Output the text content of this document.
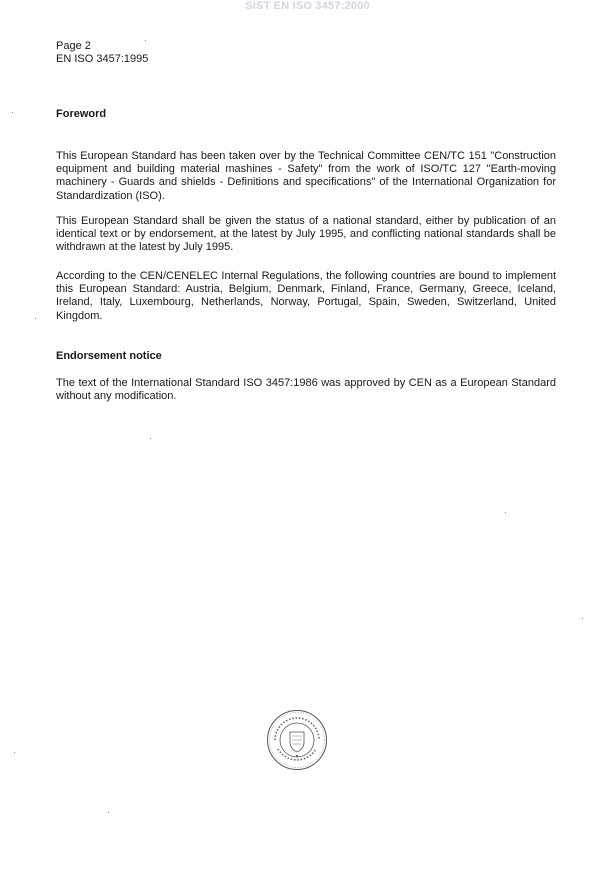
SIST EN ISO 3457:2000
Page 2
EN ISO 3457:1995
Foreword
This European Standard has been taken over by the Technical Committee CEN/TC 151 "Construction equipment and building material mashines - Safety" from the work of ISO/TC 127 "Earth-moving machinery - Guards and shields - Definitions and specifications" of the International Organization for Standardization (ISO).
This European Standard shall be given the status of a national standard, either by publication of an identical text or by endorsement, at the latest by July 1995, and conflicting national standards shall be withdrawn at the latest by July 1995.
According to the CEN/CENELEC Internal Regulations, the following countries are bound to implement this European Standard: Austria, Belgium, Denmark, Finland, France, Germany, Greece, Iceland, Ireland, Italy, Luxembourg, Netherlands, Norway, Portugal, Spain, Sweden, Switzerland, United Kingdom.
Endorsement notice
The text of the International Standard ISO 3457:1986 was approved by CEN as a European Standard without any modification.
